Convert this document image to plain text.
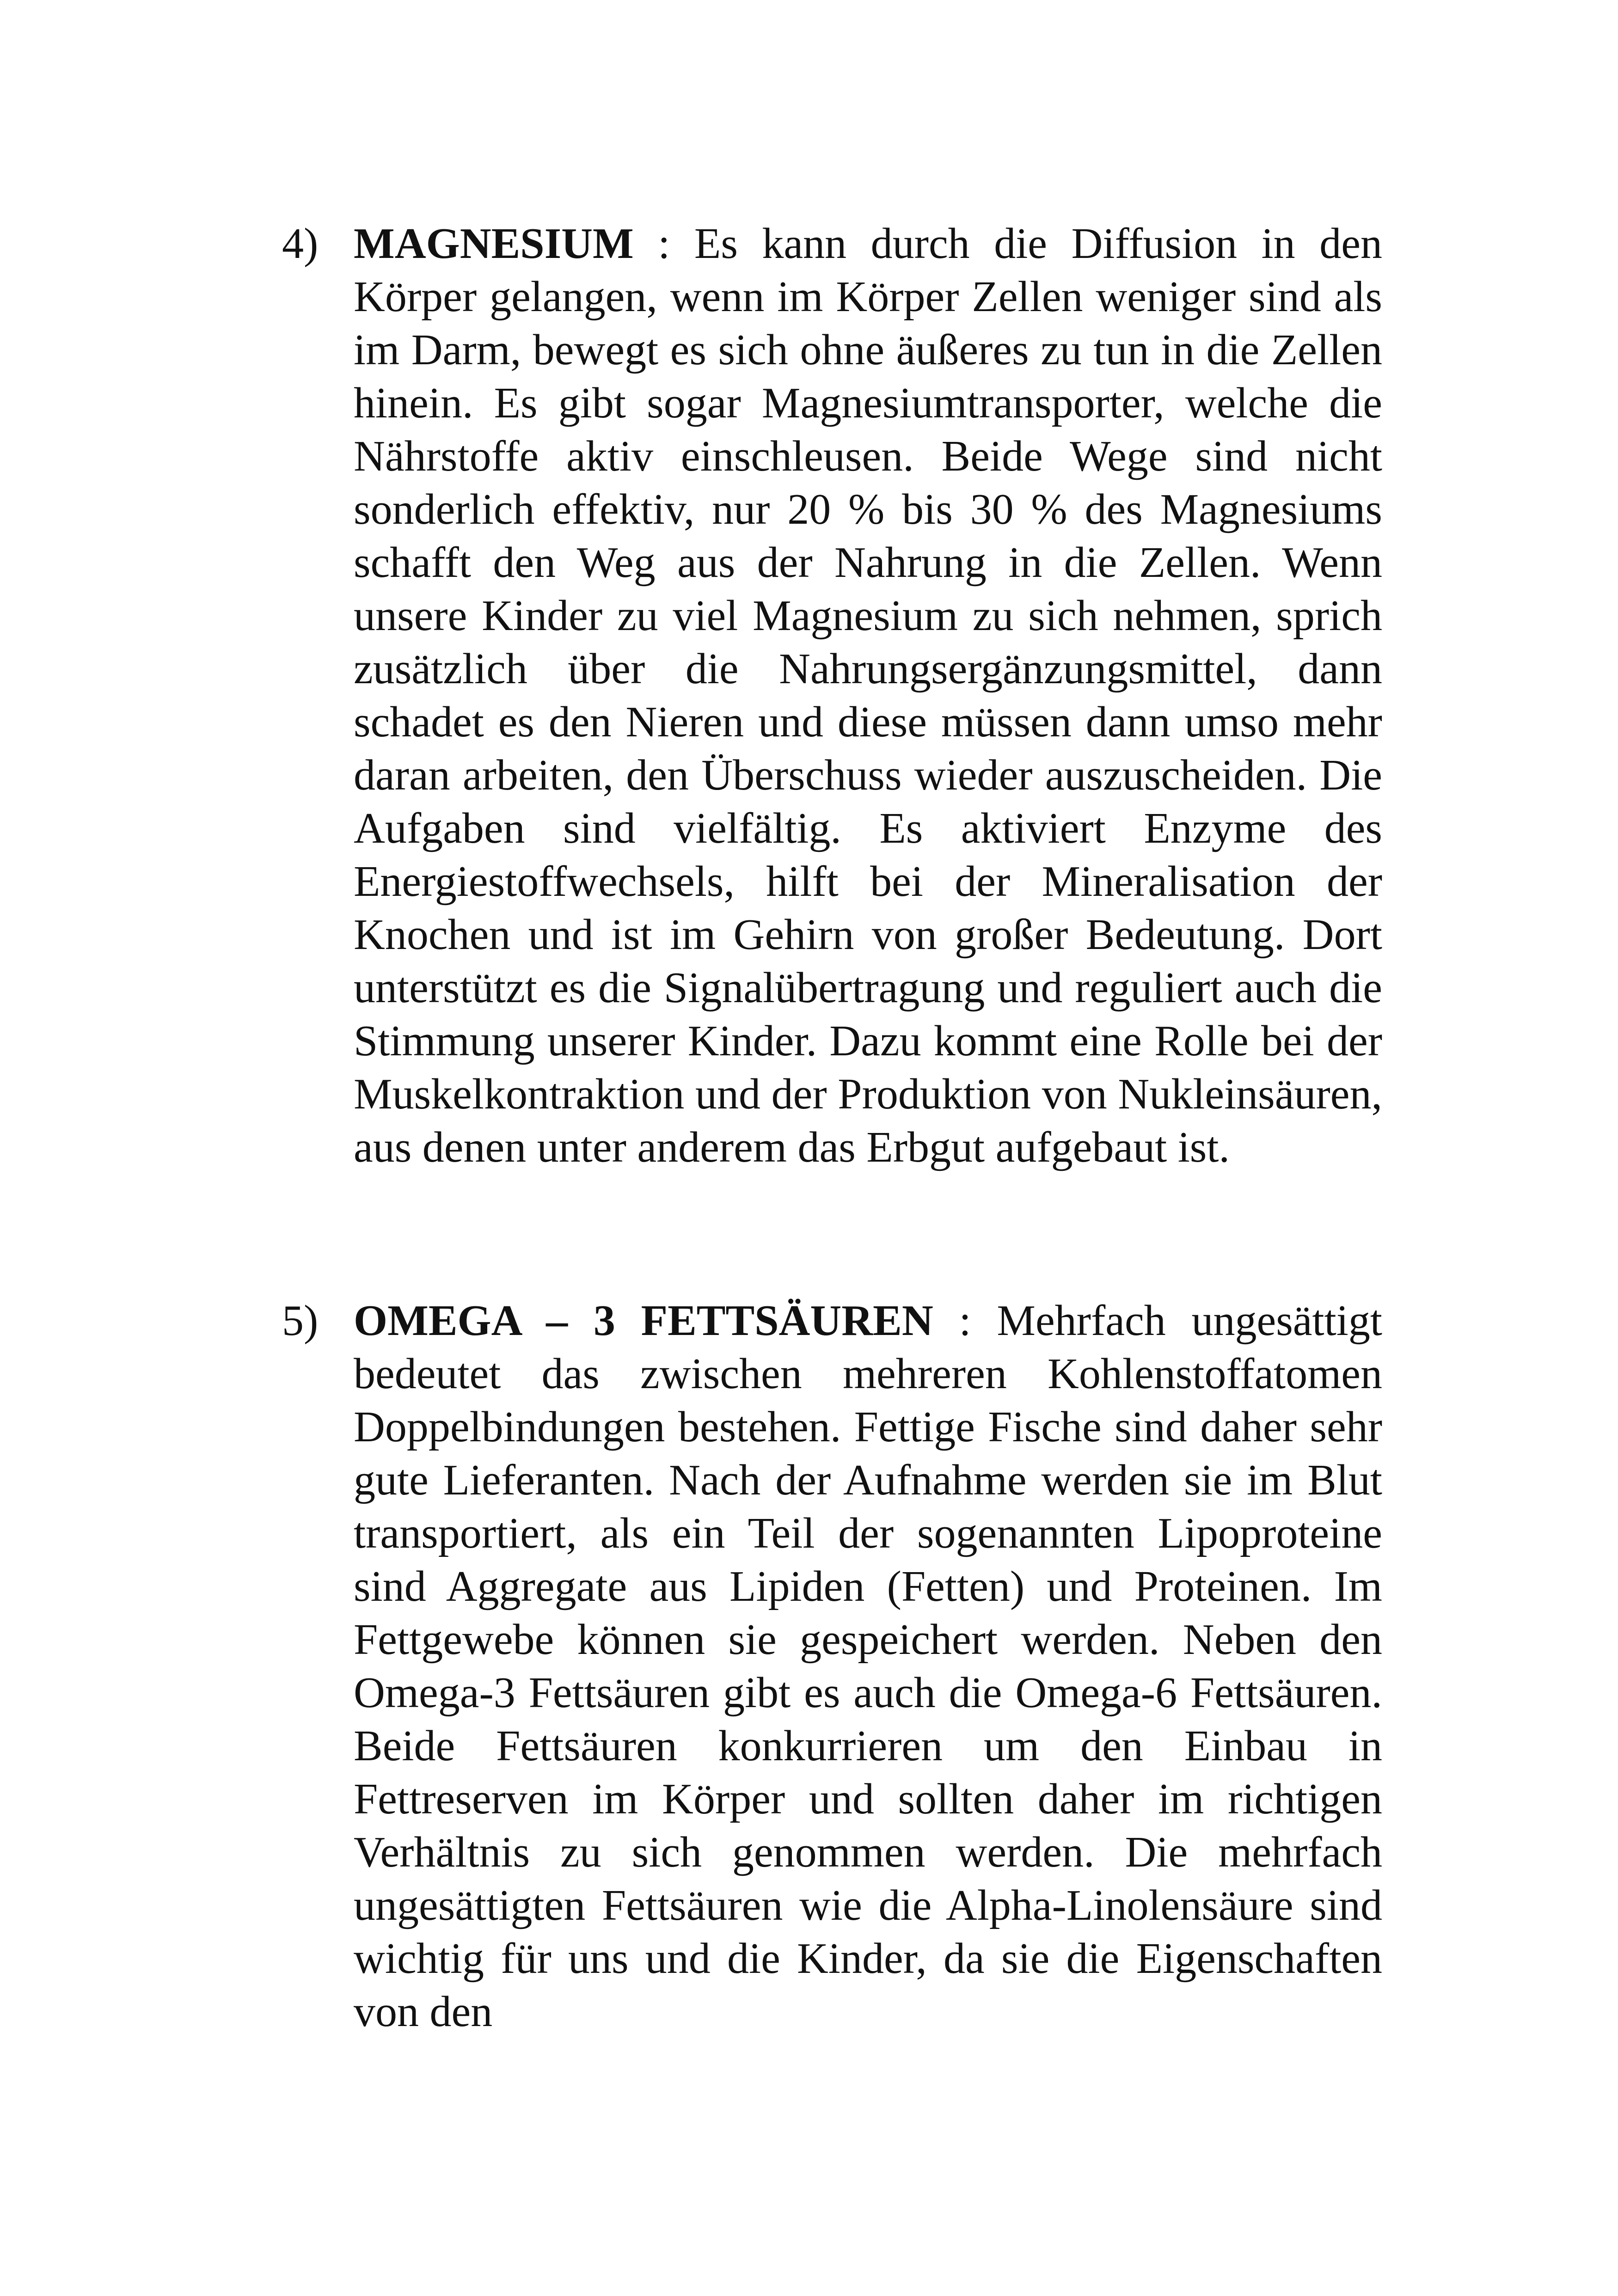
4) MAGNESIUM : Es kann durch die Diffusion in den Körper gelangen, wenn im Körper Zellen weniger sind als im Darm, bewegt es sich ohne äußeres zu tun in die Zellen hinein. Es gibt sogar Magnesiumtransporter, welche die Nährstoffe aktiv einschleusen. Beide Wege sind nicht sonderlich effektiv, nur 20 % bis 30 % des Magnesiums schafft den Weg aus der Nahrung in die Zellen. Wenn unsere Kinder zu viel Magnesium zu sich nehmen, sprich zusätzlich über die Nahrungsergänzungsmittel, dann schadet es den Nieren und diese müssen dann umso mehr daran arbeiten, den Überschuss wieder auszuscheiden. Die Aufgaben sind vielfältig. Es aktiviert Enzyme des Energiestoffwechsels, hilft bei der Mineralisation der Knochen und ist im Gehirn von großer Bedeutung. Dort unterstützt es die Signalübertragung und reguliert auch die Stimmung unserer Kinder. Dazu kommt eine Rolle bei der Muskelkontraktion und der Produktion von Nukleinsäuren, aus denen unter anderem das Erbgut aufgebaut ist.
5) OMEGA – 3 FETTSÄUREN : Mehrfach ungesättigt bedeutet das zwischen mehreren Kohlenstoffatomen Doppelbindungen bestehen. Fettige Fische sind daher sehr gute Lieferanten. Nach der Aufnahme werden sie im Blut transportiert, als ein Teil der sogenannten Lipoproteine sind Aggregate aus Lipiden (Fetten) und Proteinen. Im Fettgewebe können sie gespeichert werden. Neben den Omega-3 Fettsäuren gibt es auch die Omega-6 Fettsäuren. Beide Fettsäuren konkurrieren um den Einbau in Fettreserven im Körper und sollten daher im richtigen Verhältnis zu sich genommen werden. Die mehrfach ungesättigten Fettsäuren wie die Alpha-Linolensäure sind wichtig für uns und die Kinder, da sie die Eigenschaften von den
